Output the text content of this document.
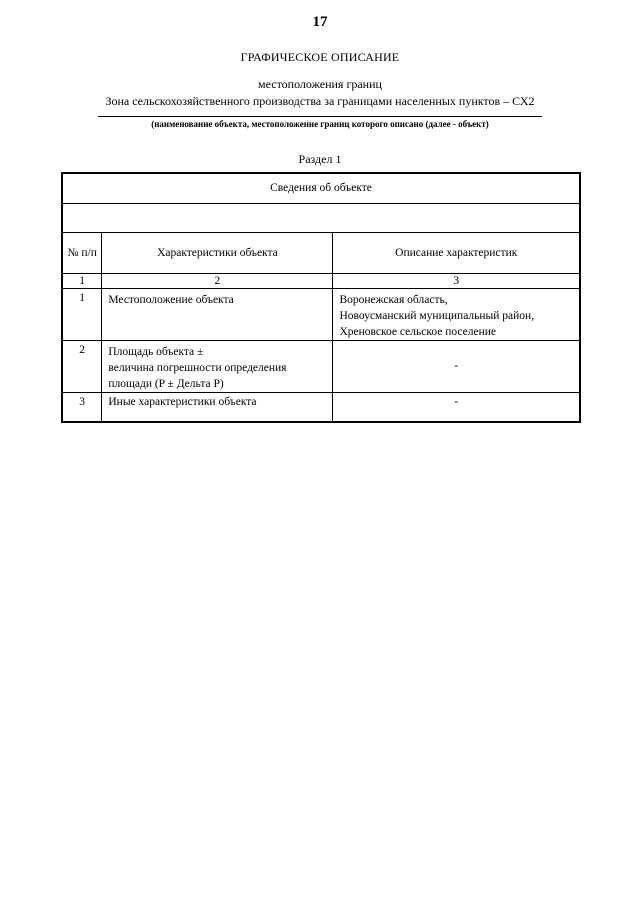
17
ГРАФИЧЕСКОЕ ОПИСАНИЕ
местоположения границ
Зона сельскохозяйственного производства за границами населенных пунктов – СХ2
(наименование объекта, местоположение границ которого описано (далее - объект)
Раздел 1
Сведения об объекте		

№ п/п	Характеристики объекта	Описание характеристик
1	2	3
1	Местоположение объекта	Воронежская область,
Новоусманский муниципальный район,
Хреновское сельское поселение

2	Площадь объекта ±
величина погрешности определения
площади (P ± Дельта P)	-

3	Иные характеристики объекта	-
